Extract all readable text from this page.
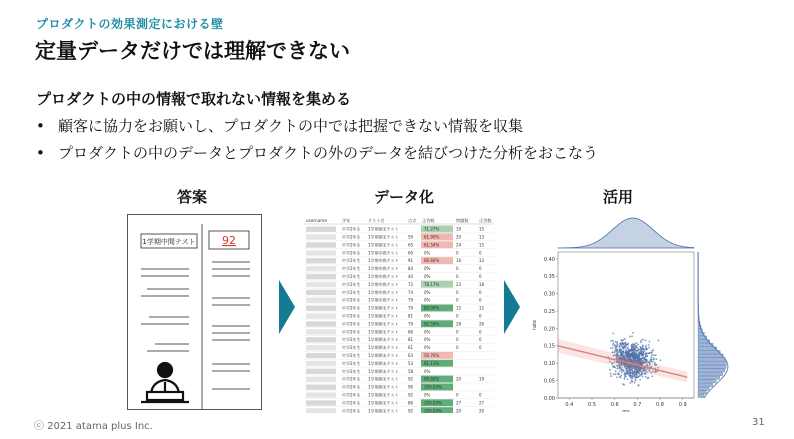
プロダクトの効果測定における壁
定量データだけでは理解できない
プロダクトの中の情報で取れない情報を集める
• 顧客に協力をお願いし、プロダクトの中では把握できない情報を収集
• プロダクトの中のデータとプロダクトの外のデータを結びつけた分析をおこなう
答案	データ化	活用
1学期中間テスト 92
username	学年	テスト名	点点 正答数	問題数 正答数
中学2年生 1学期期末テスト	71.27%	19	15
中学2年生 1学期期末テスト 59	61.90%	20	13
中学2年生 1学期期末テスト 65	61.54%	24	15
中学2年生 1学期中間テスト 60	0%	0	0
中学2年生 1学期中間テスト 91	66.60%	16	13
中学2年生 1学期中間テスト 84	0%	0	0
中学2年生 1学期中間テスト 40	0%	0	0
中学2年生 1学期中間テスト 72	78.17%	23	18
中学2年生 1学期中間テスト 74	0%	0	0
中学2年生 1学期中間テスト 79	0%	0	0
中学2年生 1学期期末テスト 79	80.00%	15	12
中学2年生 1学期期末テスト 81	0%	0	0
中学2年生 1学期期末テスト 79	92.59%	28	26
中学2年生 1学期期末テスト 66	0%	0	0
中学2年生 1学期期末テスト 81	0%	0	0
中学2年生 1学期期末テスト 61	0%	0	0
中学2年生 1学期期末テスト 63	56.76%
中学2年生 1学期期末テスト 53	81.11%
中学2年生 1学期期末テスト 58	0%
中学2年生 1学期期末テスト 92	90.60%	20	19
中学2年生 1学期期末テスト 96	100.00%
中学2年生 1学期期末テスト 92	0%	0	0
中学2年生 1学期期末テスト 86	100.00%	27	27
中学2年生 1学期期末テスト 92	100.00%	20	20
0.4	0.5	0.6	0.7	0.8	0.9
0.00
0.05
0.10
0.15
0.20
0.25
0.30
0.35
0.40
ms
rate
ⓒ 2021 atama plus Inc.	31
